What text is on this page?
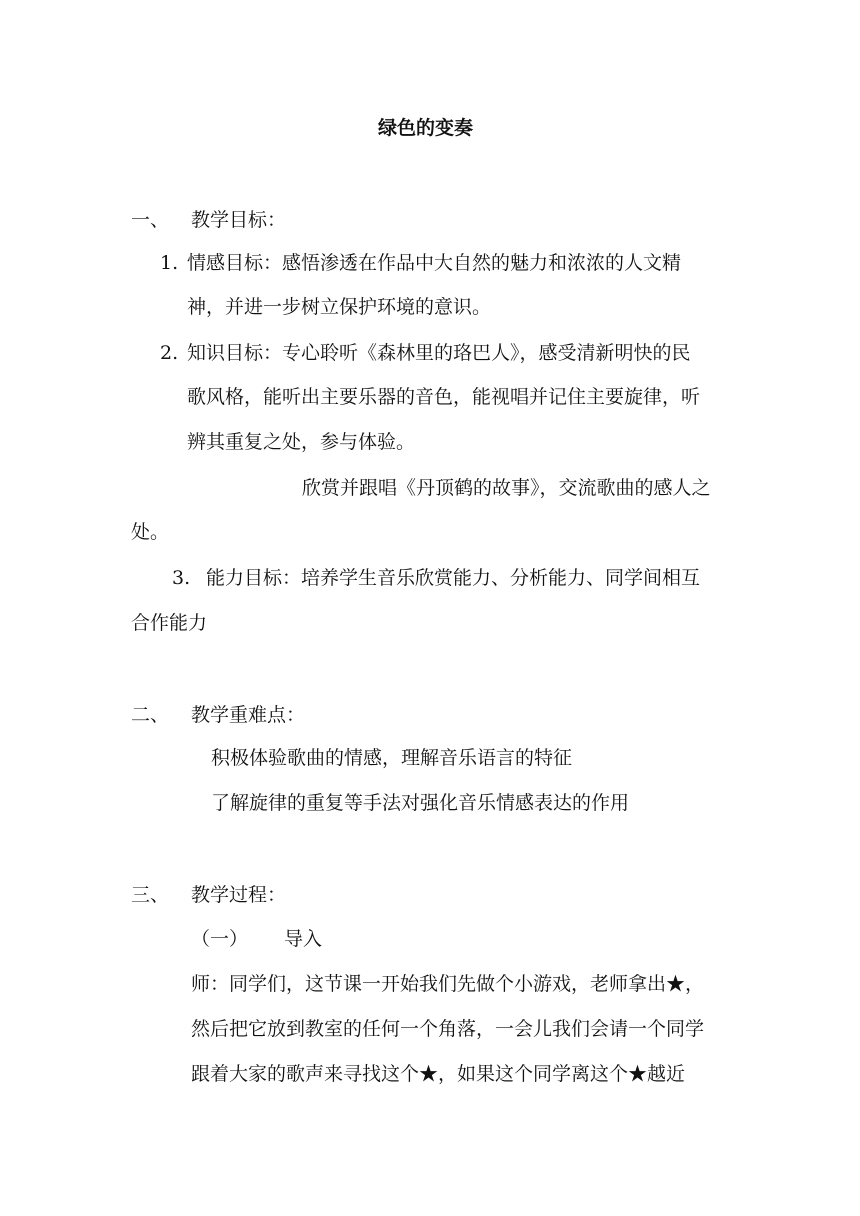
绿色的变奏
一、 教学目标：
1. 情感目标：感悟渗透在作品中大自然的魅力和浓浓的人文精
神，并进一步树立保护环境的意识。
2. 知识目标：专心聆听《森林里的珞巴人》，感受清新明快的民
歌风格，能听出主要乐器的音色，能视唱并记住主要旋律，听
辨其重复之处，参与体验。
欣赏并跟唱《丹顶鹤的故事》，交流歌曲的感人之
处。
3. 能力目标：培养学生音乐欣赏能力、分析能力、同学间相互
合作能力
二、 教学重难点：
积极体验歌曲的情感，理解音乐语言的特征
了解旋律的重复等手法对强化音乐情感表达的作用
三、 教学过程：
（一） 导入
师：同学们，这节课一开始我们先做个小游戏，老师拿出★，
然后把它放到教室的任何一个角落，一会儿我们会请一个同学
跟着大家的歌声来寻找这个★，如果这个同学离这个★越近
